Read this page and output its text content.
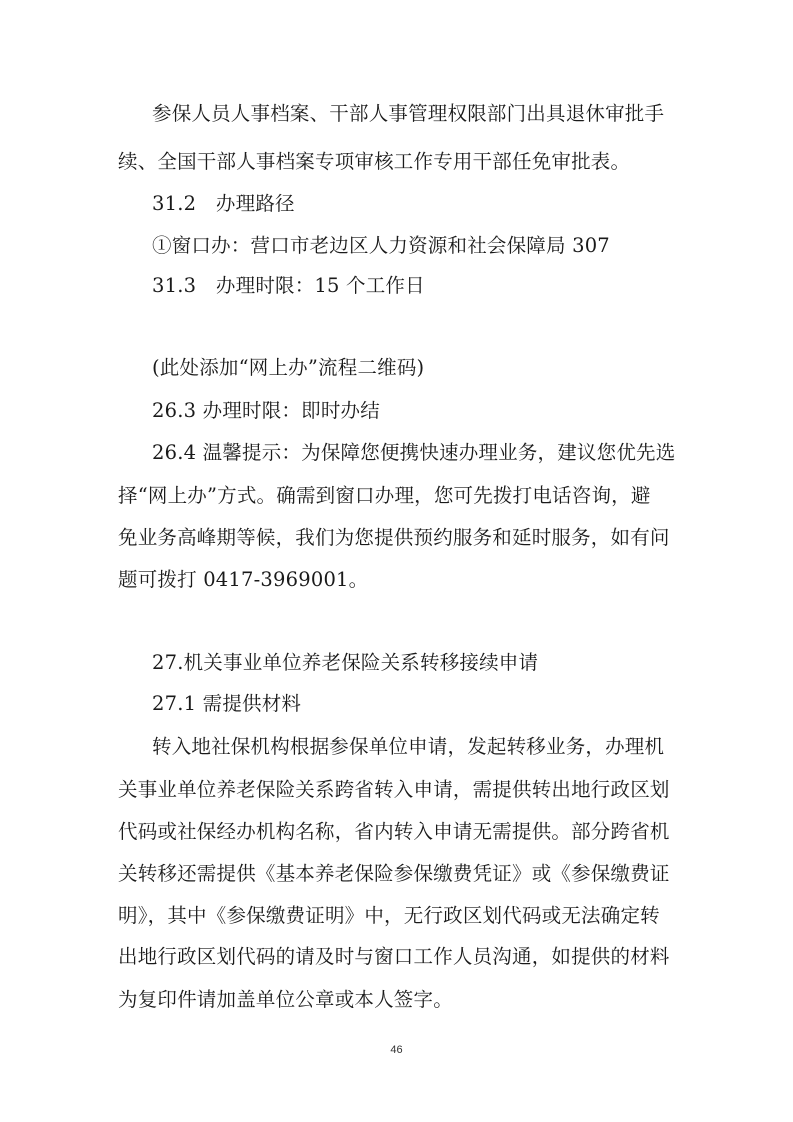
参保人员人事档案、干部人事管理权限部门出具退休审批手
续、全国干部人事档案专项审核工作专用干部任免审批表。
31.2　办理路径
①窗口办：营口市老边区人力资源和社会保障局 307
31.3　办理时限：15 个工作日
(此处添加“网上办”流程二维码)
26.3 办理时限：即时办结
26.4 温馨提示：为保障您便携快速办理业务，建议您优先选
择“网上办”方式。确需到窗口办理，您可先拨打电话咨询，避
免业务高峰期等候，我们为您提供预约服务和延时服务，如有问
题可拨打 0417-3969001。
27.机关事业单位养老保险关系转移接续申请
27.1 需提供材料
转入地社保机构根据参保单位申请，发起转移业务，办理机
关事业单位养老保险关系跨省转入申请，需提供转出地行政区划
代码或社保经办机构名称，省内转入申请无需提供。部分跨省机
关转移还需提供《基本养老保险参保缴费凭证》或《参保缴费证
明》，其中《参保缴费证明》中，无行政区划代码或无法确定转
出地行政区划代码的请及时与窗口工作人员沟通，如提供的材料
为复印件请加盖单位公章或本人签字。
46
